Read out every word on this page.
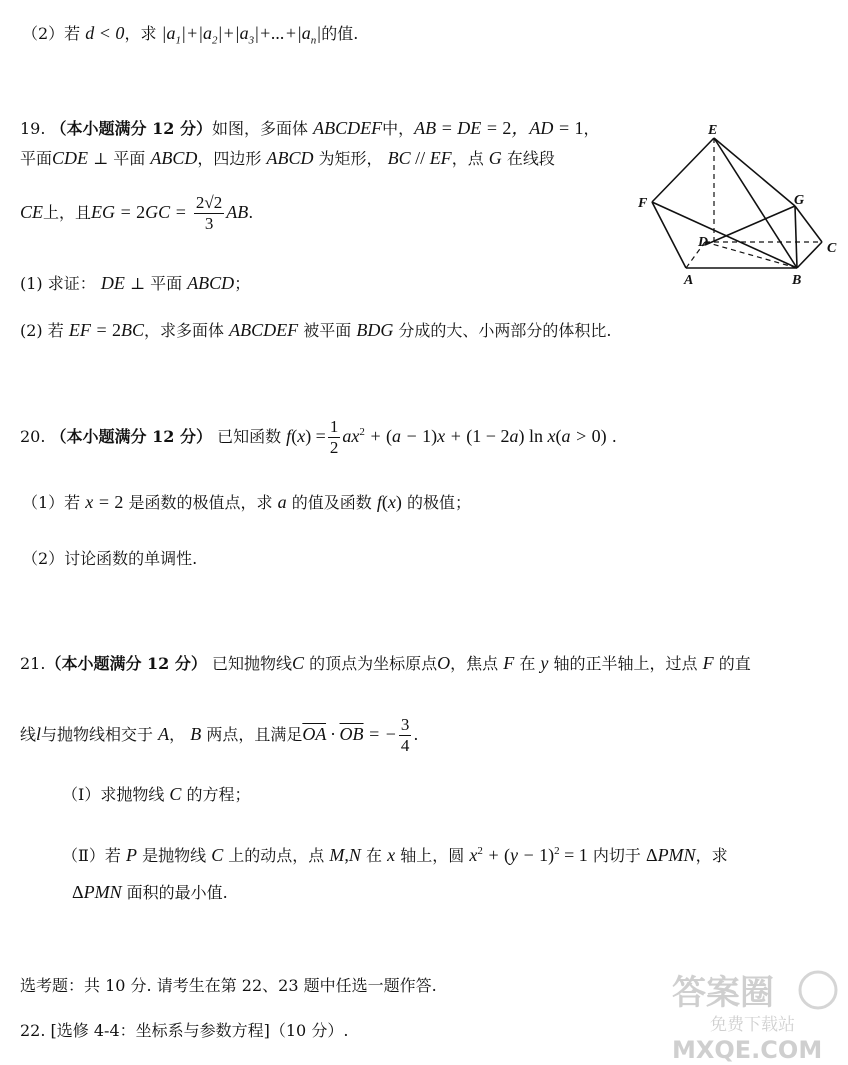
（2）若 d < 0，求 $|a_1|+|a_2|+|a_3|+...+|a_n|$的值.
19. （本小题满分 12 分）如图，多面体 ABCDEF中，AB = DE = 2，AD = 1，
平面CDE ⊥ 平面 ABCD，四边形 ABCD 为矩形， BC // EF，点 G 在线段
CE上，且EG = $2GC = \frac{2√2}{3}$ AB.
(1) 求证： DE ⊥ 平面 ABCD；
(2) 若 EF = 2BC，求多面体 ABCDEF 被平面 BDG 分成的大、小两部分的体积比.
E
F	G
D	C
A	B
20. （本小题满分 12 分） 已知函数 $f(x) = \frac{1}{2} ax^2 + (a - 1)x + (1 - 2a)$ ln x(a > 0) .
（1）若 x = 2 是函数的极值点，求 a 的值及函数 f(x) 的极值；
（2）讨论函数的单调性.
21.（本小题满分 12 分） 已知抛物线C 的顶点为坐标原点O，焦点 F 在 y 轴的正半轴上，过点 F 的直
线l与抛物线相交于 A， B 两点，且满足$\overline{OA} \cdot \overline{OB}$ = − $\frac{3}{4}$ .
（Ⅰ）求抛物线 C 的方程；
（Ⅱ）若 P 是抛物线 C 上的动点，点 M,N 在 x 轴上，圆 $x^2 + (y - 1)^2 = 1$ 内切于 ΔPMN，求
ΔPMN 面积的最小值.
选考题：共 10 分. 请考生在第 22、23 题中任选一题作答.
22. [选修 4-4：坐标系与参数方程]（10 分）.
答案圈
免费下载站
MXQE.COM
